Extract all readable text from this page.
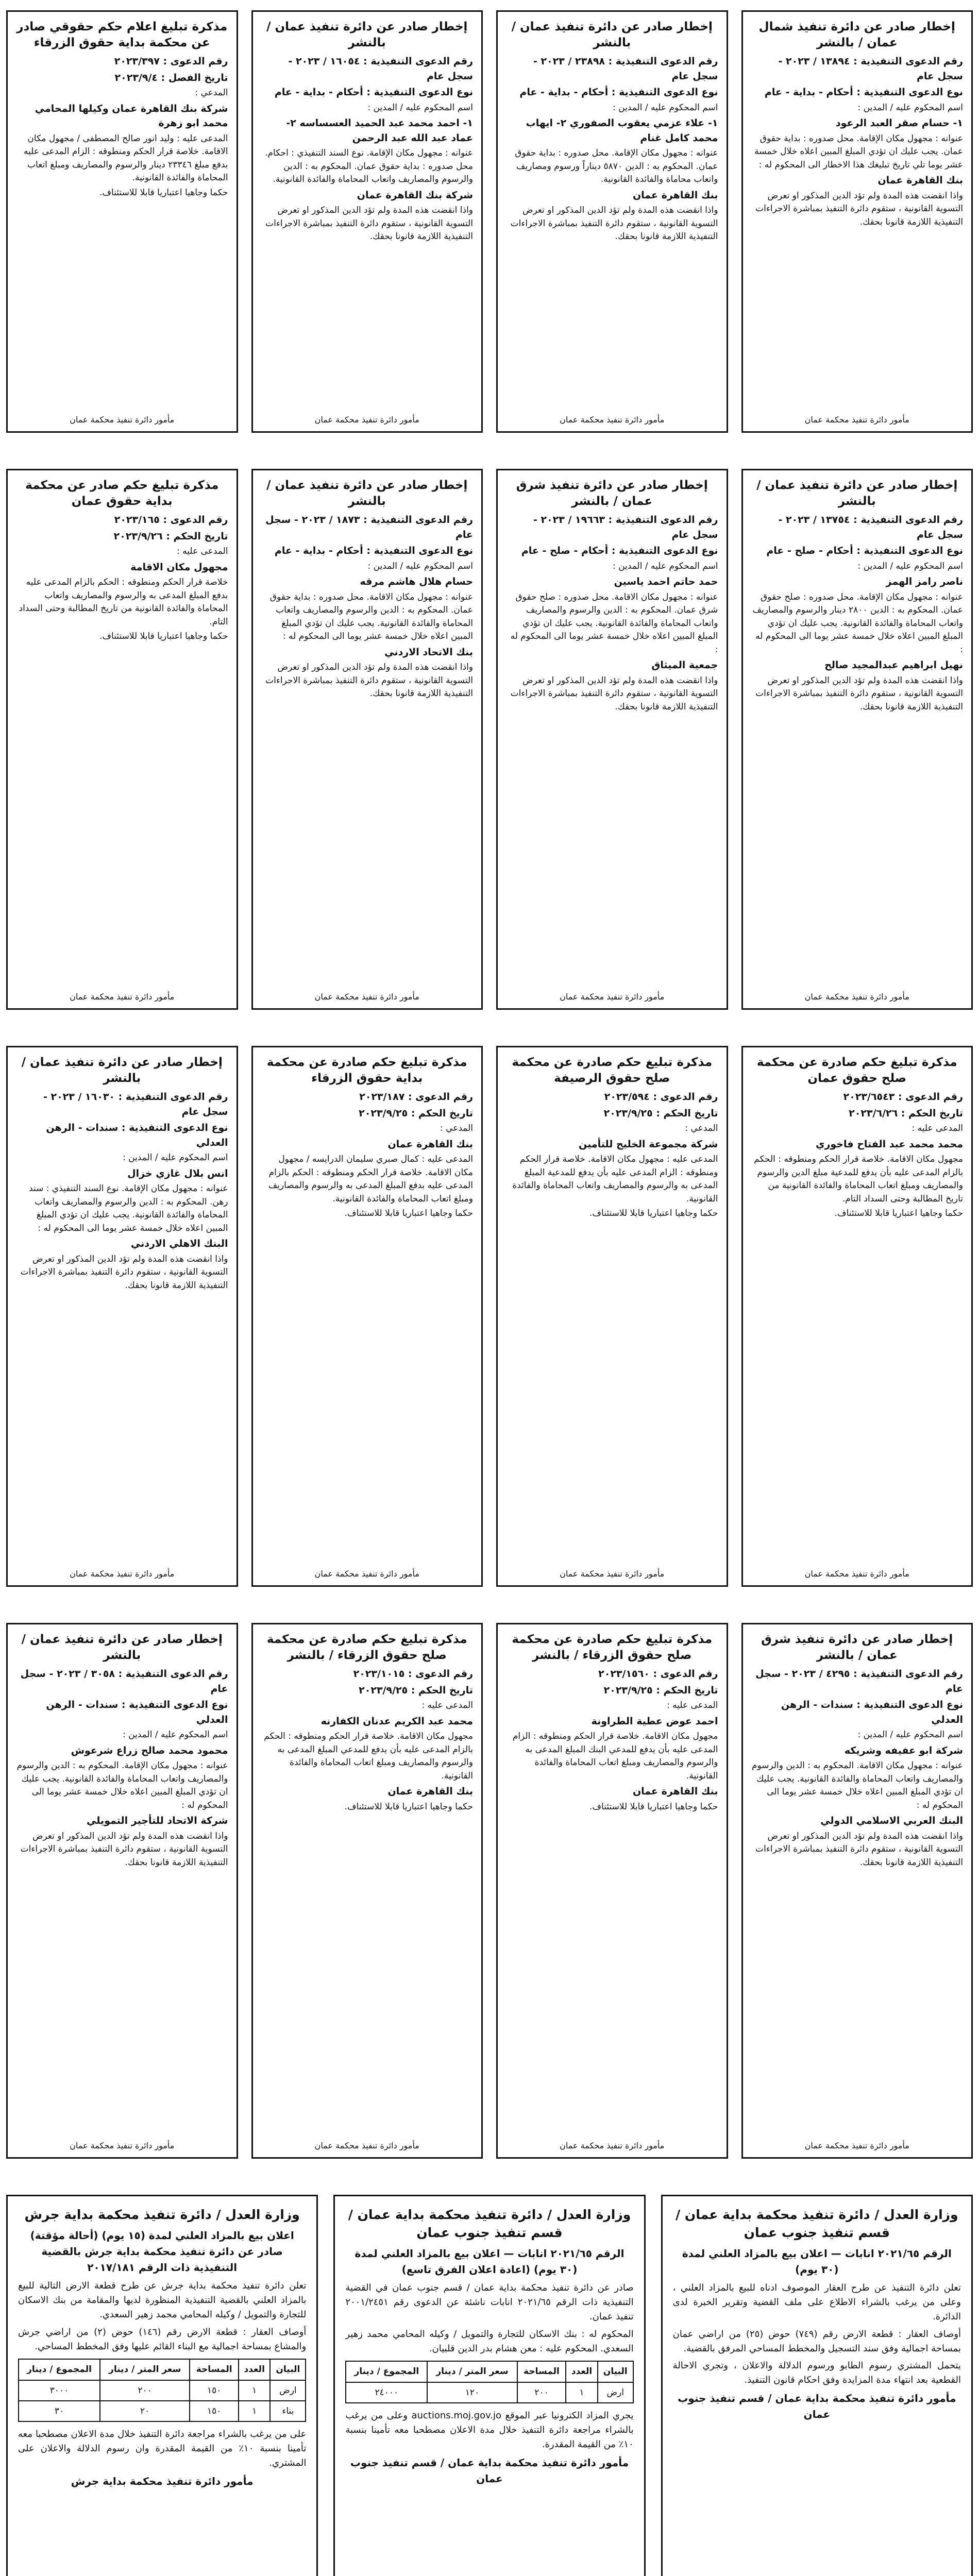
إخطار صادر عن دائرة تنفيذ شمال عمان / بالنشر

رقم الدعوى التنفيذية : ١٣٨٩٤ / ٢٠٢٣ - سجل عام

نوع الدعوى التنفيذية : أحكام - بداية - عام

اسم المحكوم عليه / المدين :

١- حسام صقر العبد الرعود

عنوانه : مجهول مكان الإقامة. محل صدوره : بداية حقوق عمان. يجب عليك ان تؤدي المبلغ المبين اعلاه خلال خمسة عشر يوما تلي تاريخ تبليغك هذا الاخطار الى المحكوم له :

بنك القاهرة عمان

واذا انقضت هذه المدة ولم تؤد الدين المذكور او تعرض التسوية القانونية ، ستقوم دائرة التنفيذ بمباشرة الاجراءات التنفيذية اللازمة قانونا بحقك.

مأمور دائرة تنفيذ محكمة عمان
إخطار صادر عن دائرة تنفيذ عمان / بالنشر

رقم الدعوى التنفيذية : ٢٣٨٩٨ / ٢٠٢٣ - سجل عام

نوع الدعوى التنفيذية : أحكام - بداية - عام

اسم المحكوم عليه / المدين :

١- علاء عزمي يعقوب الصفوري ٢- ايهاب محمد كامل غنام

عنوانه : مجهول مكان الإقامة. محل صدوره : بداية حقوق عمان. المحكوم به : الدين ٥٨٧٠ ديناراً ورسوم ومصاريف واتعاب محاماة والفائدة القانونية.

بنك القاهرة عمان

واذا انقضت هذه المدة ولم تؤد الدين المذكور او تعرض التسوية القانونية ، ستقوم دائرة التنفيذ بمباشرة الاجراءات التنفيذية اللازمة قانونا بحقك.

مأمور دائرة تنفيذ محكمة عمان
إخطار صادر عن دائرة تنفيذ عمان / بالنشر

رقم الدعوى التنفيذية : ١٦٠٥٤ / ٢٠٢٣ - سجل عام

نوع الدعوى التنفيذية : أحكام - بداية - عام

اسم المحكوم عليه / المدين :

١- احمد محمد عبد الحميد العسساسه ٢- عماد عبد الله عبد الرحمن

عنوانه : مجهول مكان الإقامة. نوع السند التنفيذي : احكام. محل صدوره : بداية حقوق عمان. المحكوم به : الدين والرسوم والمصاريف واتعاب المحاماة والفائدة القانونية.

شركة بنك القاهرة عمان

واذا انقضت هذه المدة ولم تؤد الدين المذكور او تعرض التسوية القانونية ، ستقوم دائرة التنفيذ بمباشرة الاجراءات التنفيذية اللازمة قانونا بحقك.

مأمور دائرة تنفيذ محكمة عمان
مذكرة تبليغ اعلام حكم حقوقي صادر عن محكمة بداية حقوق الزرقاء

رقم الدعوى : ٢٠٢٣/٣٩٧

تاريخ الفصل : ٢٠٢٣/٩/٤

المدعي :

شركة بنك القاهرة عمان وكيلها المحامي محمد ابو زهرة

المدعى عليه : وليد انور صالح المصطفى / مجهول مكان الاقامة. خلاصة قرار الحكم ومنطوقه : الزام المدعى عليه بدفع مبلغ ٢٣٣٤٦ دينار والرسوم والمصاريف ومبلغ اتعاب المحاماة والفائدة القانونية.

حكما وجاهيا اعتباريا قابلا للاستئناف.

مأمور دائرة تنفيذ محكمة عمان
إخطار صادر عن دائرة تنفيذ عمان / بالنشر

رقم الدعوى التنفيذية : ١٣٧٥٤ / ٢٠٢٣ - سجل عام

نوع الدعوى التنفيذية : أحكام - صلح - عام

اسم المحكوم عليه / المدين :

ناصر رامز الهمز

عنوانه : مجهول مكان الإقامة. محل صدوره : صلح حقوق عمان. المحكوم به : الدين ٢٨٠٠ دينار والرسوم والمصاريف واتعاب المحاماة والفائدة القانونية. يجب عليك ان تؤدي المبلغ المبين اعلاه خلال خمسة عشر يوما الى المحكوم له :

نهيل ابراهيم عبدالمجيد صالح

واذا انقضت هذه المدة ولم تؤد الدين المذكور او تعرض التسوية القانونية ، ستقوم دائرة التنفيذ بمباشرة الاجراءات التنفيذية اللازمة قانونا بحقك.

مأمور دائرة تنفيذ محكمة عمان
إخطار صادر عن دائرة تنفيذ شرق عمان / بالنشر

رقم الدعوى التنفيذية : ١٩٦٦٣ / ٢٠٢٣ - سجل عام

نوع الدعوى التنفيذية : أحكام - صلح - عام

اسم المحكوم عليه / المدين :

حمد حاتم احمد ياسين

عنوانه : مجهول مكان الاقامة. محل صدوره : صلح حقوق شرق عمان. المحكوم به : الدين والرسوم والمصاريف واتعاب المحاماة والفائدة القانونية. يجب عليك ان تؤدي المبلغ المبين اعلاه خلال خمسة عشر يوما الى المحكوم له :

جمعية الميثاق

واذا انقضت هذه المدة ولم تؤد الدين المذكور او تعرض التسوية القانونية ، ستقوم دائرة التنفيذ بمباشرة الاجراءات التنفيذية اللازمة قانونا بحقك.

مأمور دائرة تنفيذ محكمة عمان
إخطار صادر عن دائرة تنفيذ عمان / بالنشر

رقم الدعوى التنفيذية : ١٨٧٣ / ٢٠٢٣ - سجل عام

نوع الدعوى التنفيذية : أحكام - بداية - عام

اسم المحكوم عليه / المدين :

حسام هلال هاشم مرقه

عنوانه : مجهول مكان الاقامة. محل صدوره : بداية حقوق عمان. المحكوم به : الدين والرسوم والمصاريف واتعاب المحاماة والفائدة القانونية. يجب عليك ان تؤدي المبلغ المبين اعلاه خلال خمسة عشر يوما الى المحكوم له :

بنك الاتحاد الاردني

واذا انقضت هذه المدة ولم تؤد الدين المذكور او تعرض التسوية القانونية ، ستقوم دائرة التنفيذ بمباشرة الاجراءات التنفيذية اللازمة قانونا بحقك.

مأمور دائرة تنفيذ محكمة عمان
مذكرة تبليغ حكم صادر عن محكمة بداية حقوق عمان

رقم الدعوى : ٢٠٢٣/١٦٥

تاريخ الحكم : ٢٠٢٣/٩/٢٦

المدعى عليه :

مجهول مكان الاقامة

خلاصة قرار الحكم ومنطوقه : الحكم بالزام المدعى عليه بدفع المبلغ المدعى به والرسوم والمصاريف واتعاب المحاماة والفائدة القانونية من تاريخ المطالبة وحتى السداد التام.

حكما وجاهيا اعتباريا قابلا للاستئناف.

مأمور دائرة تنفيذ محكمة عمان
مذكرة تبليغ حكم صادرة عن محكمة صلح حقوق عمان

رقم الدعوى : ٢٠٢٣/٦٥٤٣

تاريخ الحكم : ٢٠٢٣/٦/٢٦

المدعى عليه :

محمد محمد عبد الفتاح فاخوري

مجهول مكان الاقامة. خلاصة قرار الحكم ومنطوقه : الحكم بالزام المدعى عليه بأن يدفع للمدعية مبلغ الدين والرسوم والمصاريف ومبلغ اتعاب المحاماة والفائدة القانونية من تاريخ المطالبة وحتى السداد التام.

حكما وجاهيا اعتباريا قابلا للاستئناف.

مأمور دائرة تنفيذ محكمة عمان
مذكرة تبليغ حكم صادرة عن محكمة صلح حقوق الرصيفة

رقم الدعوى : ٢٠٢٣/٥٩٤

تاريخ الحكم : ٢٠٢٣/٩/٢٥

المدعي :

شركة مجموعة الخليج للتأمين

المدعى عليه : مجهول مكان الاقامة. خلاصة قرار الحكم ومنطوقه : الزام المدعى عليه بأن يدفع للمدعية المبلغ المدعى به والرسوم والمصاريف واتعاب المحاماة والفائدة القانونية.

حكما وجاهيا اعتباريا قابلا للاستئناف.

مأمور دائرة تنفيذ محكمة عمان
مذكرة تبليغ حكم صادرة عن محكمة بداية حقوق الزرقاء

رقم الدعوى : ٢٠٢٣/١٨٧

تاريخ الحكم : ٢٠٢٣/٩/٢٥

المدعي :

بنك القاهرة عمان

المدعى عليه : كمال صبري سليمان الدرايسه / مجهول مكان الاقامة. خلاصة قرار الحكم ومنطوقه : الحكم بالزام المدعى عليه بدفع المبلغ المدعى به والرسوم والمصاريف ومبلغ اتعاب المحاماة والفائدة القانونية.

حكما وجاهيا اعتباريا قابلا للاستئناف.

مأمور دائرة تنفيذ محكمة عمان
إخطار صادر عن دائرة تنفيذ عمان / بالنشر

رقم الدعوى التنفيذية : ١٦٠٣٠ / ٢٠٢٣ - سجل عام

نوع الدعوى التنفيذية : سندات - الرهن العدلي

اسم المحكوم عليه / المدين :

انس بلال غازي خزال

عنوانه : مجهول مكان الإقامة. نوع السند التنفيذي : سند رهن. المحكوم به : الدين والرسوم والمصاريف واتعاب المحاماة والفائدة القانونية. يجب عليك ان تؤدي المبلغ المبين اعلاه خلال خمسة عشر يوما الى المحكوم له :

البنك الاهلي الاردني

واذا انقضت هذه المدة ولم تؤد الدين المذكور او تعرض التسوية القانونية ، ستقوم دائرة التنفيذ بمباشرة الاجراءات التنفيذية اللازمة قانونا بحقك.

مأمور دائرة تنفيذ محكمة عمان
إخطار صادر عن دائرة تنفيذ شرق عمان / بالنشر

رقم الدعوى التنفيذية : ٤٢٩٥ / ٢٠٢٣ - سجل عام

نوع الدعوى التنفيذية : سندات - الرهن العدلي

اسم المحكوم عليه / المدين :

شركة ابو عفيفه وشريكه

عنوانه : مجهول مكان الاقامة. المحكوم به : الدين والرسوم والمصاريف واتعاب المحاماة والفائدة القانونية. يجب عليك ان تؤدي المبلغ المبين اعلاه خلال خمسة عشر يوما الى المحكوم له :

البنك العربي الاسلامي الدولي

واذا انقضت هذه المدة ولم تؤد الدين المذكور او تعرض التسوية القانونية ، ستقوم دائرة التنفيذ بمباشرة الاجراءات التنفيذية اللازمة قانونا بحقك.

مأمور دائرة تنفيذ محكمة عمان
مذكرة تبليغ حكم صادرة عن محكمة صلح حقوق الزرقاء / بالنشر

رقم الدعوى : ٢٠٢٣/١٥٦٠

تاريخ الحكم : ٢٠٢٣/٩/٢٥

المدعى عليه :

احمد عوض عطية الطراونة

مجهول مكان الاقامة. خلاصة قرار الحكم ومنطوقه : الزام المدعى عليه بأن يدفع للمدعي البنك المبلغ المدعى به والرسوم والمصاريف ومبلغ اتعاب المحاماة والفائدة القانونية.

بنك القاهرة عمان

حكما وجاهيا اعتباريا قابلا للاستئناف.

مأمور دائرة تنفيذ محكمة عمان
مذكرة تبليغ حكم صادرة عن محكمة صلح حقوق الزرقاء / بالنشر

رقم الدعوى : ٢٠٢٣/١٠١٥

تاريخ الحكم : ٢٠٢٣/٩/٢٥

المدعى عليه :

محمد عبد الكريم عدنان الكفارنه

مجهول مكان الاقامة. خلاصة قرار الحكم ومنطوقه : الحكم بالزام المدعى عليه بأن يدفع للمدعي المبلغ المدعى به والرسوم والمصاريف ومبلغ اتعاب المحاماة والفائدة القانونية.

بنك القاهرة عمان

حكما وجاهيا اعتباريا قابلا للاستئناف.

مأمور دائرة تنفيذ محكمة عمان
إخطار صادر عن دائرة تنفيذ عمان / بالنشر

رقم الدعوى التنفيذية : ٣٠٥٨ / ٢٠٢٣ - سجل عام

نوع الدعوى التنفيذية : سندات - الرهن العدلي

اسم المحكوم عليه / المدين :

محمود محمد صالح زراع شرعوش

عنوانه : مجهول مكان الإقامة. المحكوم به : الدين والرسوم والمصاريف واتعاب المحاماة والفائدة القانونية. يجب عليك ان تؤدي المبلغ المبين اعلاه خلال خمسة عشر يوما الى المحكوم له :

شركة الاتحاد للتأجير التمويلي

واذا انقضت هذه المدة ولم تؤد الدين المذكور او تعرض التسوية القانونية ، ستقوم دائرة التنفيذ بمباشرة الاجراءات التنفيذية اللازمة قانونا بحقك.

مأمور دائرة تنفيذ محكمة عمان
وزارة العدل / دائرة تنفيذ محكمة بداية عمان / قسم تنفيذ جنوب عمان
الرقم ٢٠٢١/٦٥ انابات — اعلان بيع بالمزاد العلني لمدة (٣٠ يوم)

تعلن دائرة التنفيذ عن طرح العقار الموصوف ادناه للبيع بالمزاد العلني ، وعلى من يرغب بالشراء الاطلاع على ملف القضية وتقرير الخبرة لدى الدائرة.

أوصاف العقار : قطعة الارض رقم (٧٤٩) حوض (٢٥) من اراضي عمان بمساحة اجمالية وفق سند التسجيل والمخطط المساحي المرفق بالقضية.

يتحمل المشتري رسوم الطابو ورسوم الدلالة والاعلان ، وتجري الاحالة القطعية بعد انتهاء مدة المزايدة وفق احكام قانون التنفيذ.

مأمور دائرة تنفيذ محكمة بداية عمان / قسم تنفيذ جنوب عمان

وزارة العدل / دائرة تنفيذ محكمة بداية عمان / قسم تنفيذ جنوب عمان
الرقم ٢٠٢١/٦٥ انابات — اعلان بيع بالمزاد العلني لمدة (٣٠ يوم) (اعادة اعلان الفرق تاسع)

صادر عن دائرة تنفيذ محكمة بداية عمان / قسم جنوب عمان في القضية التنفيذية ذات الرقم ٢٠٢١/٦٥ انابات ناشئة عن الدعوى رقم ٢٠٠١/٢٤٥١ تنفيذ عمان.

المحكوم له : بنك الاسكان للتجارة والتمويل / وكيله المحامي محمد زهير السعدي. المحكوم عليه : معن هشام بدر الدين قلبيان.

البيان	العدد	المساحة	سعر المتر / دينار	المجموع / دينار
ارض	١	٢٠٠	١٢٠	٢٤٠٠٠

يجري المزاد الكترونيا عبر الموقع auctions.moj.gov.jo وعلى من يرغب بالشراء مراجعة دائرة التنفيذ خلال مدة الاعلان مصطحبا معه تأمينا بنسبة ١٠٪ من القيمة المقدرة.

مأمور دائرة تنفيذ محكمة بداية عمان / قسم تنفيذ جنوب عمان

وزارة العدل / دائرة تنفيذ محكمة بداية جرش
اعلان بيع بالمزاد العلني لمدة (١٥ يوم) (أحالة مؤقتة) صادر عن دائرة تنفيذ محكمة بداية جرش بالقضية التنفيذية ذات الرقم ٢٠١٧/١٨١

تعلن دائرة تنفيذ محكمة بداية جرش عن طرح قطعة الارض التالية للبيع بالمزاد العلني بالقضية التنفيذية المنظورة لديها والمقامة من بنك الاسكان للتجارة والتمويل / وكيله المحامي محمد زهير السعدي.

أوصاف العقار : قطعة الارض رقم (١٤٦) حوض (٢) من اراضي جرش والمشاع بمساحة اجمالية مع البناء القائم عليها وفق المخطط المساحي.

البيان	العدد	المساحة	سعر المتر / دينار	المجموع / دينار
ارض	١	١٥٠	٢٠٠	٣٠٠٠
بناء	١	١٥٠	٢٠	٣٠

على من يرغب بالشراء مراجعة دائرة التنفيذ خلال مدة الاعلان مصطحبا معه تأمينا بنسبة ١٠٪ من القيمة المقدرة وان رسوم الدلالة والاعلان على المشتري.

مأمور دائرة تنفيذ محكمة بداية جرش
